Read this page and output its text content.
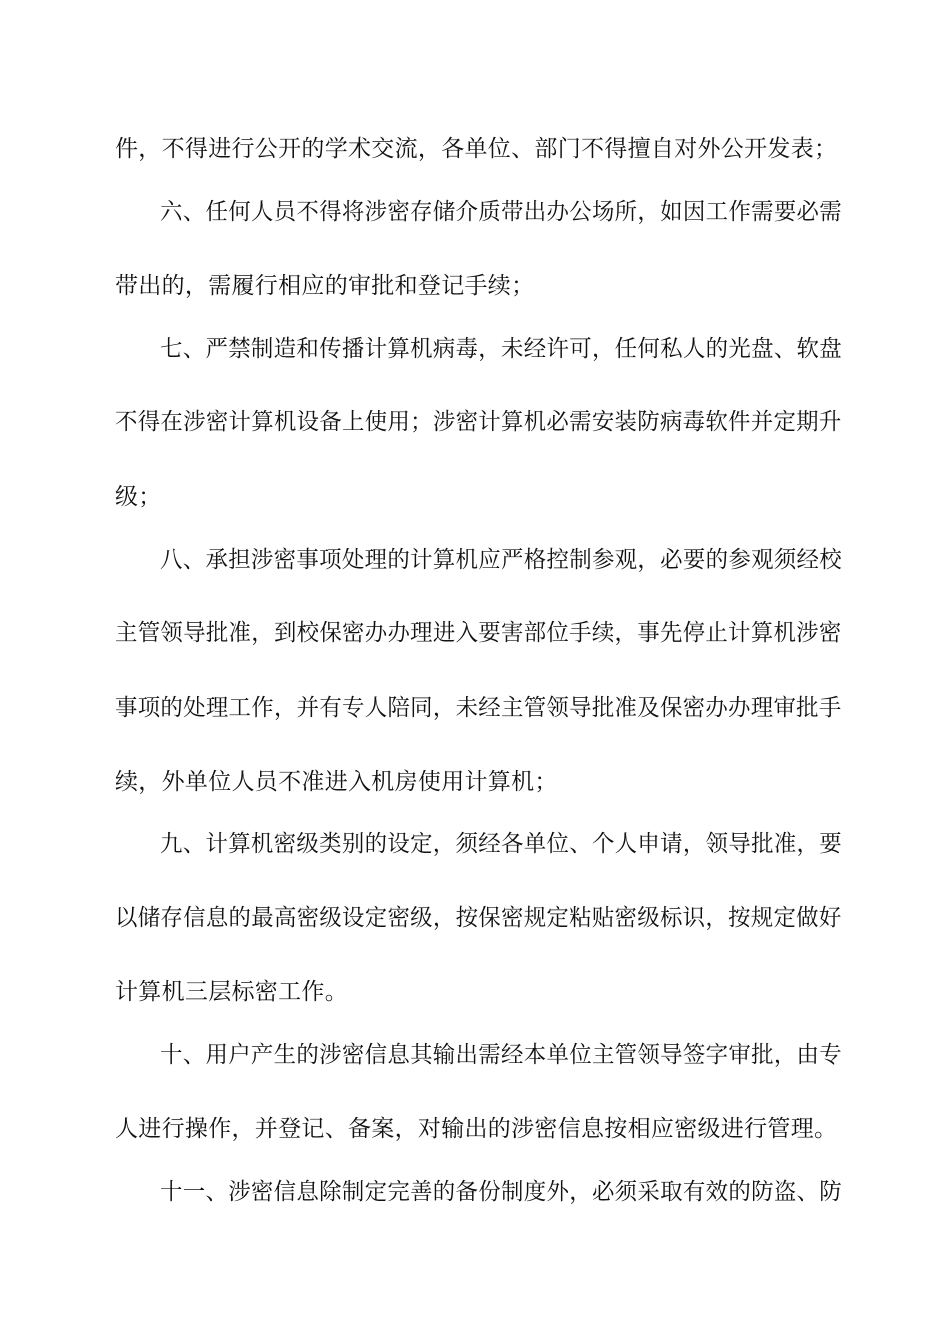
件，不得进行公开的学术交流，各单位、部门不得擅自对外公开发表；
六、任何人员不得将涉密存储介质带出办公场所，如因工作需要必需
带出的，需履行相应的审批和登记手续；
七、严禁制造和传播计算机病毒，未经许可，任何私人的光盘、软盘
不得在涉密计算机设备上使用；涉密计算机必需安装防病毒软件并定期升
级；
八、承担涉密事项处理的计算机应严格控制参观，必要的参观须经校
主管领导批准，到校保密办办理进入要害部位手续，事先停止计算机涉密
事项的处理工作，并有专人陪同，未经主管领导批准及保密办办理审批手
续，外单位人员不准进入机房使用计算机；
九、计算机密级类别的设定，须经各单位、个人申请，领导批准，要
以储存信息的最高密级设定密级，按保密规定粘贴密级标识，按规定做好
计算机三层标密工作。
十、用户产生的涉密信息其输出需经本单位主管领导签字审批，由专
人进行操作，并登记、备案，对输出的涉密信息按相应密级进行管理。
十一、涉密信息除制定完善的备份制度外，必须采取有效的防盗、防
